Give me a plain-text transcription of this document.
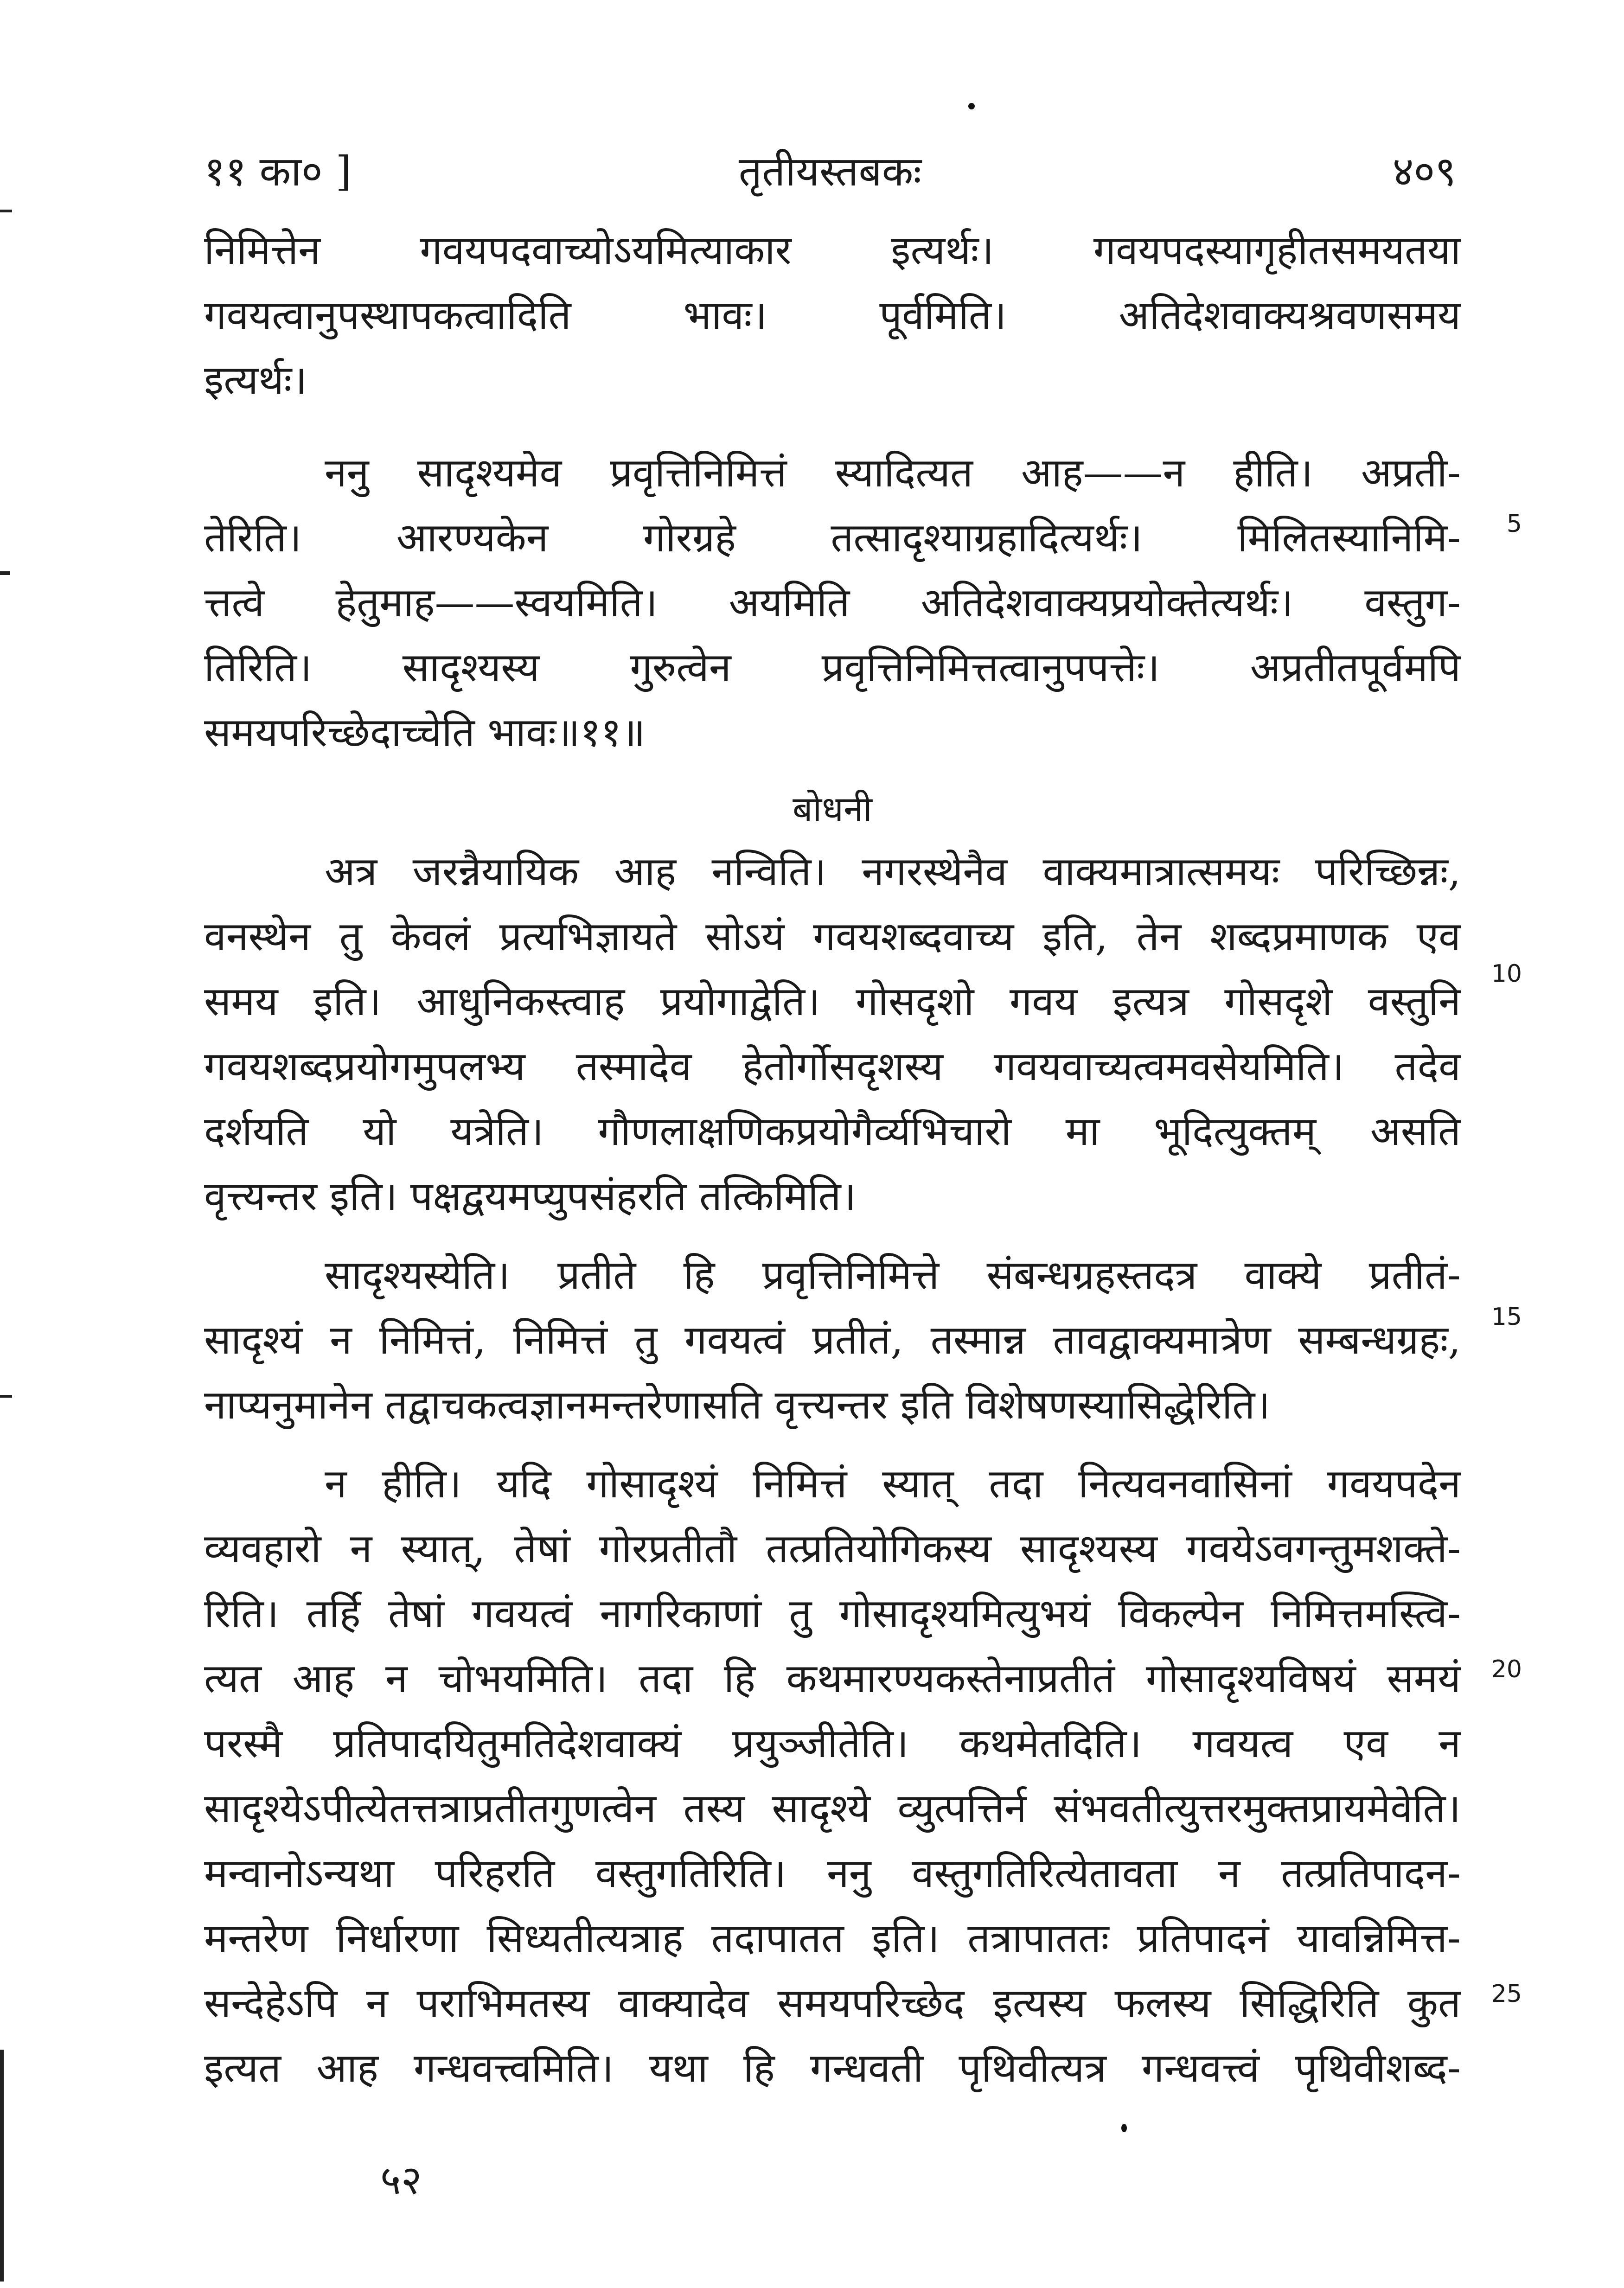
११ का० ]	तृतीयस्तबकः	४०९
निमित्तेन गवयपदवाच्योऽयमित्याकार इत्यर्थः। गवयपदस्यागृहीतसमयतया
गवयत्वानुपस्थापकत्वादिति भावः। पूर्वमिति। अतिदेशवाक्यश्रवणसमय
इत्यर्थः।
ननु सादृश्यमेव प्रवृत्तिनिमित्तं स्यादित्यत आह——न हीति। अप्रती-
तेरिति। आरण्यकेन गोरग्रहे तत्सादृश्याग्रहादित्यर्थः। मिलितस्यानिमि-
त्तत्वे हेतुमाह——स्वयमिति। अयमिति अतिदेशवाक्यप्रयोक्तेत्यर्थः। वस्तुग-
तिरिति। सादृश्यस्य गुरुत्वेन प्रवृत्तिनिमित्तत्वानुपपत्तेः। अप्रतीतपूर्वमपि
समयपरिच्छेदाच्चेति भावः॥११॥
बोधनी
अत्र जरन्नैयायिक आह नन्विति। नगरस्थेनैव वाक्यमात्रात्समयः परिच्छिन्नः,
वनस्थेन तु केवलं प्रत्यभिज्ञायते सोऽयं गवयशब्दवाच्य इति, तेन शब्दप्रमाणक एव
समय इति। आधुनिकस्त्वाह प्रयोगाद्वेति। गोसदृशो गवय इत्यत्र गोसदृशे वस्तुनि
गवयशब्दप्रयोगमुपलभ्य तस्मादेव हेतोर्गोसदृशस्य गवयवाच्यत्वमवसेयमिति। तदेव
दर्शयति यो यत्रेति। गौणलाक्षणिकप्रयोगैर्व्यभिचारो मा भूदित्युक्तम् असति
वृत्त्यन्तर इति। पक्षद्वयमप्युपसंहरति तत्किमिति।
सादृश्यस्येति। प्रतीते हि प्रवृत्तिनिमित्ते संबन्धग्रहस्तदत्र वाक्ये प्रतीतं-
सादृश्यं न निमित्तं, निमित्तं तु गवयत्वं प्रतीतं, तस्मान्न तावद्वाक्यमात्रेण सम्बन्धग्रहः,
नाप्यनुमानेन तद्वाचकत्वज्ञानमन्तरेणासति वृत्त्यन्तर इति विशेषणस्यासिद्धेरिति।
न हीति। यदि गोसादृश्यं निमित्तं स्यात् तदा नित्यवनवासिनां गवयपदेन
व्यवहारो न स्यात्, तेषां गोरप्रतीतौ तत्प्रतियोगिकस्य सादृश्यस्य गवयेऽवगन्तुमशक्ते-
रिति। तर्हि तेषां गवयत्वं नागरिकाणां तु गोसादृश्यमित्युभयं विकल्पेन निमित्तमस्त्वि-
त्यत आह न चोभयमिति। तदा हि कथमारण्यकस्तेनाप्रतीतं गोसादृश्यविषयं समयं
परस्मै प्रतिपादयितुमतिदेशवाक्यं प्रयुञ्जीतेति। कथमेतदिति। गवयत्व एव न
सादृश्येऽपीत्येतत्तत्राप्रतीतगुणत्वेन तस्य सादृश्ये व्युत्पत्तिर्न संभवतीत्युत्तरमुक्तप्रायमेवेति।
मन्वानोऽन्यथा परिहरति वस्तुगतिरिति। ननु वस्तुगतिरित्येतावता न तत्प्रतिपादन-
मन्तरेण निर्धारणा सिध्यतीत्यत्राह तदापातत इति। तत्रापाततः प्रतिपादनं यावन्निमित्त-
सन्देहेऽपि न पराभिमतस्य वाक्यादेव समयपरिच्छेद इत्यस्य फलस्य सिद्धिरिति कुत
इत्यत आह गन्धवत्त्वमिति। यथा हि गन्धवती पृथिवीत्यत्र गन्धवत्त्वं पृथिवीशब्द-
5
10
15
20
25
५२
